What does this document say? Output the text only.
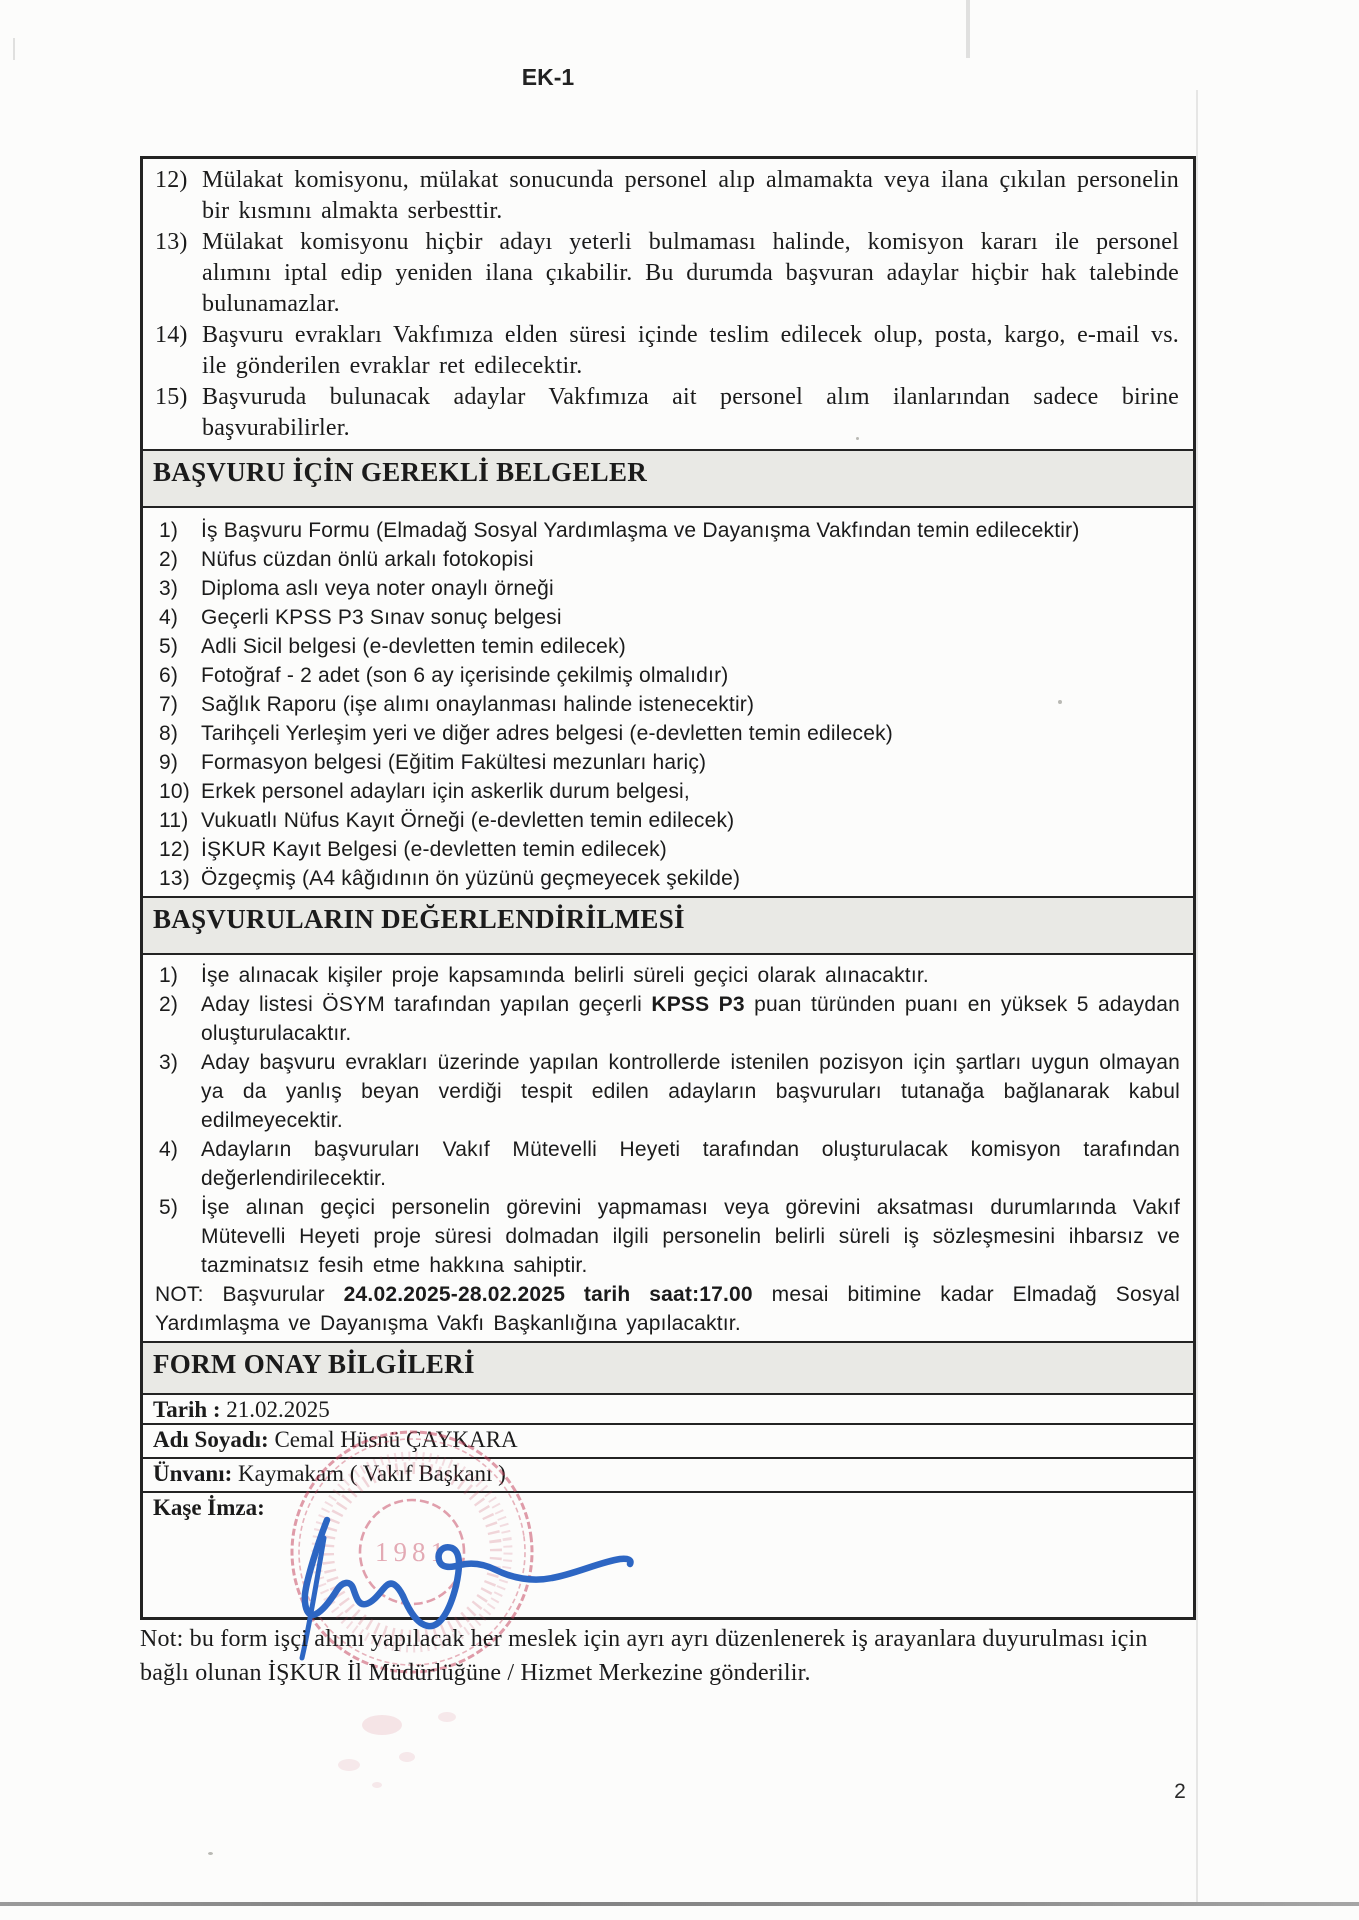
EK-1
12) Mülakat komisyonu, mülakat sonucunda personel alıp almamakta veya ilana çıkılan personelin bir kısmını almakta serbesttir.
13) Mülakat komisyonu hiçbir adayı yeterli bulmaması halinde, komisyon kararı ile personel alımını iptal edip yeniden ilana çıkabilir. Bu durumda başvuran adaylar hiçbir hak talebinde bulunamazlar.
14) Başvuru evrakları Vakfımıza elden süresi içinde teslim edilecek olup, posta, kargo, e-mail vs. ile gönderilen evraklar ret edilecektir.
15) Başvuruda bulunacak adaylar Vakfımıza ait personel alım ilanlarından sadece birine başvurabilirler.
BAŞVURU İÇİN GEREKLİ BELGELER
1) İş Başvuru Formu (Elmadağ Sosyal Yardımlaşma ve Dayanışma Vakfından temin edilecektir)
2) Nüfus cüzdan önlü arkalı fotokopisi
3) Diploma aslı veya noter onaylı örneği
4) Geçerli KPSS P3 Sınav sonuç belgesi
5) Adli Sicil belgesi (e-devletten temin edilecek)
6) Fotoğraf - 2 adet (son 6 ay içerisinde çekilmiş olmalıdır)
7) Sağlık Raporu (işe alımı onaylanması halinde istenecektir)
8) Tarihçeli Yerleşim yeri ve diğer adres belgesi (e-devletten temin edilecek)
9) Formasyon belgesi (Eğitim Fakültesi mezunları hariç)
10) Erkek personel adayları için askerlik durum belgesi,
11) Vukuatlı Nüfus Kayıt Örneği (e-devletten temin edilecek)
12) İŞKUR Kayıt Belgesi (e-devletten temin edilecek)
13) Özgeçmiş (A4 kâğıdının ön yüzünü geçmeyecek şekilde)
BAŞVURULARIN DEĞERLENDİRİLMESİ
1) İşe alınacak kişiler proje kapsamında belirli süreli geçici olarak alınacaktır.
2) Aday listesi ÖSYM tarafından yapılan geçerli KPSS P3 puan türünden puanı en yüksek 5 adaydan oluşturulacaktır.
3) Aday başvuru evrakları üzerinde yapılan kontrollerde istenilen pozisyon için şartları uygun olmayan ya da yanlış beyan verdiği tespit edilen adayların başvuruları tutanağa bağlanarak kabul edilmeyecektir.
4) Adayların başvuruları Vakıf Mütevelli Heyeti tarafından oluşturulacak komisyon tarafından değerlendirilecektir.
5) İşe alınan geçici personelin görevini yapmaması veya görevini aksatması durumlarında Vakıf Mütevelli Heyeti proje süresi dolmadan ilgili personelin belirli süreli iş sözleşmesini ihbarsız ve tazminatsız fesih etme hakkına sahiptir.
NOT: Başvurular 24.02.2025-28.02.2025 tarih saat:17.00 mesai bitimine kadar Elmadağ Sosyal Yardımlaşma ve Dayanışma Vakfı Başkanlığına yapılacaktır.
FORM ONAY BİLGİLERİ
Tarih : 21.02.2025
Adı Soyadı: Cemal Hüsnü ÇAYKARA
Ünvanı: Kaymakam ( Vakıf Başkanı )
Kaşe İmza:
1981
Not: bu form işçi alımı yapılacak her meslek için ayrı ayrı düzenlenerek iş arayanlara duyurulması için bağlı olunan İŞKUR İl Müdürlüğüne / Hizmet Merkezine gönderilir.
2
